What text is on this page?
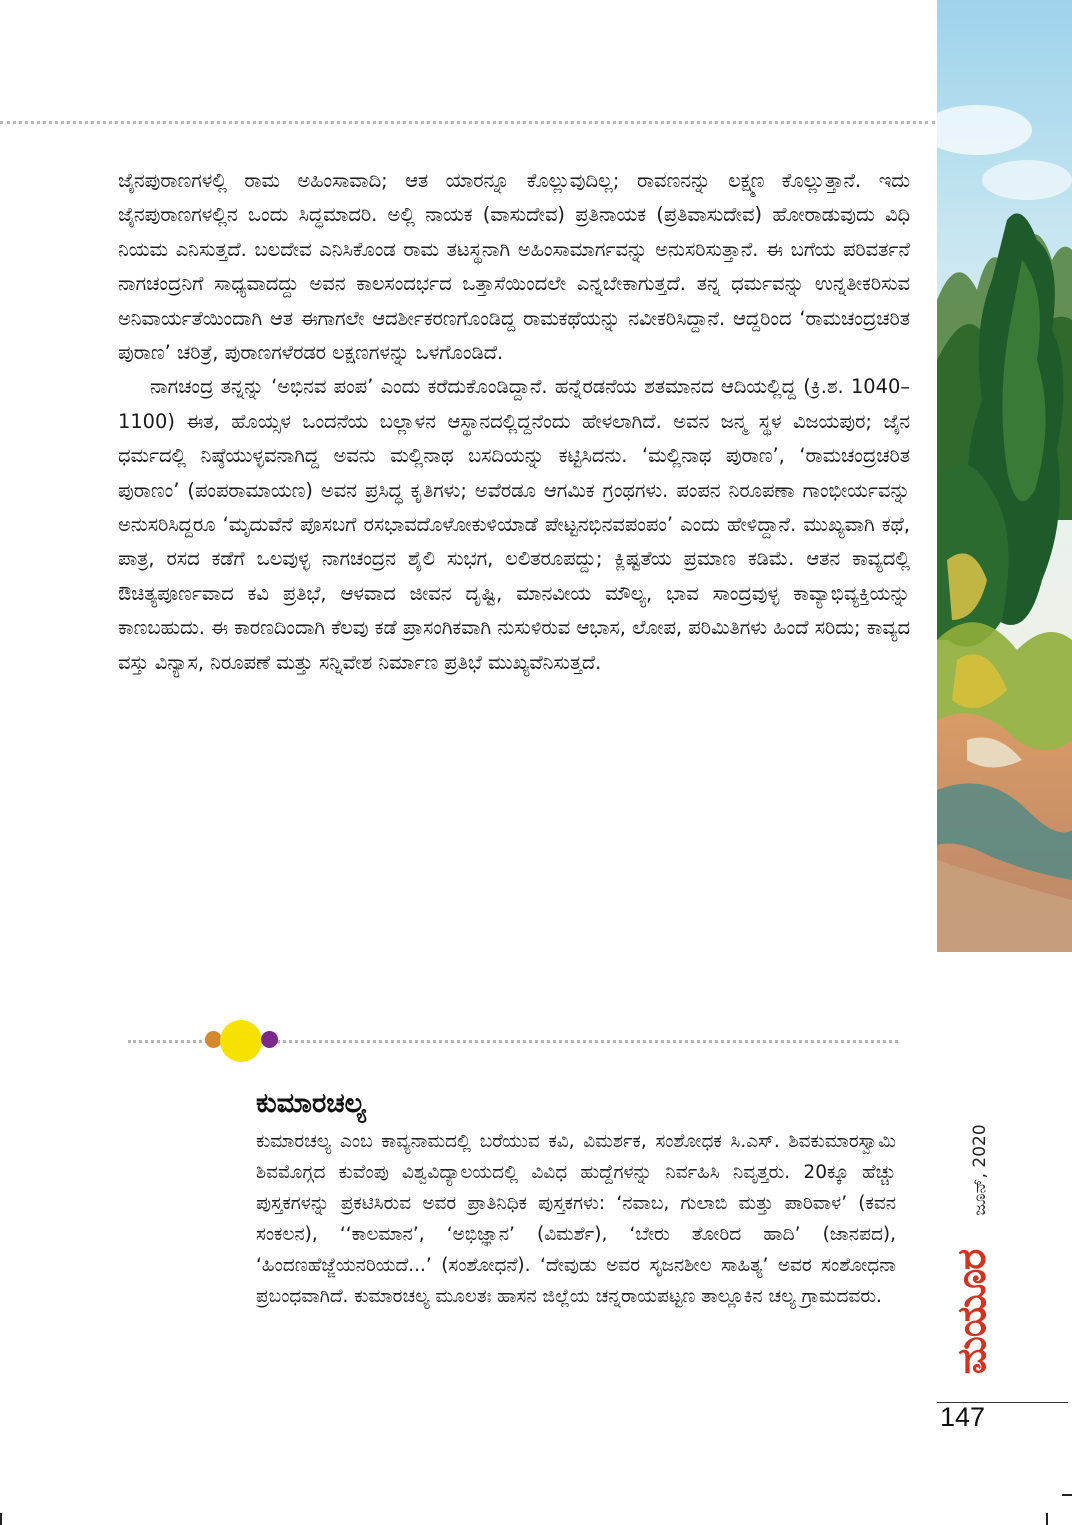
ಜೈನಪುರಾಣಗಳಲ್ಲಿ ರಾಮ ಅಹಿಂಸಾವಾದಿ; ಆತ ಯಾರನ್ನೂ ಕೊಲ್ಲುವುದಿಲ್ಲ; ರಾವಣನನ್ನು ಲಕ್ಷ್ಮಣ ಕೊಲ್ಲುತ್ತಾನೆ. ಇದು ಜೈನಪುರಾಣಗಳಲ್ಲಿನ ಒಂದು ಸಿದ್ಧಮಾದರಿ. ಅಲ್ಲಿ ನಾಯಕ (ವಾಸುದೇವ) ಪ್ರತಿನಾಯಕ (ಪ್ರತಿವಾಸುದೇವ) ಹೋರಾಡುವುದು ವಿಧಿ ನಿಯಮ ಎನಿಸುತ್ತದೆ. ಬಲದೇವ ಎನಿಸಿಕೊಂಡ ರಾಮ ತಟಸ್ಥನಾಗಿ ಅಹಿಂಸಾಮಾರ್ಗವನ್ನು ಅನುಸರಿಸುತ್ತಾನೆ. ಈ ಬಗೆಯ ಪರಿವರ್ತನೆ ನಾಗಚಂದ್ರನಿಗೆ ಸಾಧ್ಯವಾದದ್ದು ಅವನ ಕಾಲಸಂದರ್ಭದ ಒತ್ತಾಸೆಯಿಂದಲೇ ಎನ್ನಬೇಕಾಗುತ್ತದೆ. ತನ್ನ ಧರ್ಮವನ್ನು ಉನ್ನತೀಕರಿಸುವ ಅನಿವಾರ್ಯತೆಯಿಂದಾಗಿ ಆತ ಈಗಾಗಲೇ ಆದರ್ಶೀಕರಣಗೊಂಡಿದ್ದ ರಾಮಕಥೆಯನ್ನು ನವೀಕರಿಸಿದ್ದಾನೆ. ಆದ್ದರಿಂದ ‘ರಾಮಚಂದ್ರಚರಿತ ಪುರಾಣ’ ಚರಿತ್ರೆ, ಪುರಾಣಗಳೆರಡರ ಲಕ್ಷಣಗಳನ್ನು ಒಳಗೊಂಡಿದೆ.

ನಾಗಚಂದ್ರ ತನ್ನನ್ನು ‘ಅಭಿನವ ಪಂಪ’ ಎಂದು ಕರೆದುಕೊಂಡಿದ್ದಾನೆ. ಹನ್ನೆರಡನೆಯ ಶತಮಾನದ ಆದಿಯಲ್ಲಿದ್ದ (ಕ್ರಿ.ಶ. 1040–1100) ಈತ, ಹೊಯ್ಸಳ ಒಂದನೆಯ ಬಲ್ಲಾಳನ ಆಸ್ಥಾನದಲ್ಲಿದ್ದನೆಂದು ಹೇಳಲಾಗಿದೆ. ಅವನ ಜನ್ಮ ಸ್ಥಳ ವಿಜಯಪುರ; ಜೈನ ಧರ್ಮದಲ್ಲಿ ನಿಷ್ಠೆಯುಳ್ಳವನಾಗಿದ್ದ ಅವನು ಮಲ್ಲಿನಾಥ ಬಸದಿಯನ್ನು ಕಟ್ಟಿಸಿದನು. ‘ಮಲ್ಲಿನಾಥ ಪುರಾಣ’, ‘ರಾಮಚಂದ್ರಚರಿತ ಪುರಾಣಂ’ (ಪಂಪರಾಮಾಯಣ) ಅವನ ಪ್ರಸಿದ್ಧ ಕೃತಿಗಳು; ಅವೆರಡೂ ಆಗಮಿಕ ಗ್ರಂಥಗಳು. ಪಂಪನ ನಿರೂಪಣಾ ಗಾಂಭೀರ್ಯವನ್ನು ಅನುಸರಿಸಿದ್ದರೂ ‘ಮೃದುವೆನೆ ಪೊಸಬಗೆ ರಸಭಾವದೊಳೋಕುಳಿಯಾಡೆ ಪೇಟ್ಟನಭಿನವಪಂಪಂ’ ಎಂದು ಹೇಳಿದ್ದಾನೆ. ಮುಖ್ಯವಾಗಿ ಕಥೆ, ಪಾತ್ರ, ರಸದ ಕಡೆಗೆ ಒಲವುಳ್ಳ ನಾಗಚಂದ್ರನ ಶೈಲಿ ಸುಭಗ, ಲಲಿತರೂಪದ್ದು; ಕ್ಲಿಷ್ಟತೆಯ ಪ್ರಮಾಣ ಕಡಿಮೆ. ಆತನ ಕಾವ್ಯದಲ್ಲಿ ಔಚಿತ್ಯಪೂರ್ಣವಾದ ಕವಿ ಪ್ರತಿಭೆ, ಆಳವಾದ ಜೀವನ ದೃಷ್ಟಿ, ಮಾನವೀಯ ಮೌಲ್ಯ, ಭಾವ ಸಾಂದ್ರವುಳ್ಳ ಕಾವ್ಯಾಭಿವ್ಯಕ್ತಿಯನ್ನು ಕಾಣಬಹುದು. ಈ ಕಾರಣದಿಂದಾಗಿ ಕೆಲವು ಕಡೆ ಪ್ರಾಸಂಗಿಕವಾಗಿ ನುಸುಳಿರುವ ಆಭಾಸ, ಲೋಪ, ಪರಿಮಿತಿಗಳು ಹಿಂದೆ ಸರಿದು; ಕಾವ್ಯದ ವಸ್ತು ವಿನ್ಯಾಸ, ನಿರೂಪಣೆ ಮತ್ತು ಸನ್ನಿವೇಶ ನಿರ್ಮಾಣ ಪ್ರತಿಭೆ ಮುಖ್ಯವೆನಿಸುತ್ತದೆ.

ಕುಮಾರಚಲ್ಯ

ಕುಮಾರಚಲ್ಯ ಎಂಬ ಕಾವ್ಯನಾಮದಲ್ಲಿ ಬರೆಯುವ ಕವಿ, ವಿಮರ್ಶಕ, ಸಂಶೋಧಕ ಸಿ.ಎಸ್. ಶಿವಕುಮಾರಸ್ವಾಮಿ ಶಿವಮೊಗ್ಗದ ಕುವೆಂಪು ವಿಶ್ವವಿದ್ಯಾಲಯದಲ್ಲಿ ವಿವಿಧ ಹುದ್ದೆಗಳನ್ನು ನಿರ್ವಹಿಸಿ ನಿವೃತ್ತರು. 20ಕ್ಕೂ ಹೆಚ್ಚು ಪುಸ್ತಕಗಳನ್ನು ಪ್ರಕಟಿಸಿರುವ ಅವರ ಪ್ರಾತಿನಿಧಿಕ ಪುಸ್ತಕಗಳು: ‘ನವಾಬ, ಗುಲಾಬಿ ಮತ್ತು ಪಾರಿವಾಳ’ (ಕವನ ಸಂಕಲನ), ‘‘ಕಾಲಮಾನ’, ‘ಅಭಿಜ್ಞಾನ’ (ವಿಮರ್ಶೆ), ‘ಬೇರು ತೋರಿದ ಹಾದಿ’ (ಜಾನಪದ), ‘ಹಿಂದಣಹೆಜ್ಜೆಯನರಿಯದೆ...’ (ಸಂಶೋಧನೆ). ‘ದೇವುಡು ಅವರ ಸೃಜನಶೀಲ ಸಾಹಿತ್ಯ’ ಅವರ ಸಂಶೋಧನಾ ಪ್ರಬಂಧವಾಗಿದೆ. ಕುಮಾರಚಲ್ಯ ಮೂಲತಃ ಹಾಸನ ಜಿಲ್ಲೆಯ ಚನ್ನರಾಯಪಟ್ಟಣ ತಾಲ್ಲೂಕಿನ ಚಲ್ಯ ಗ್ರಾಮದವರು.

ಜೂನ್, 2020
ಮಯೂರ
147
